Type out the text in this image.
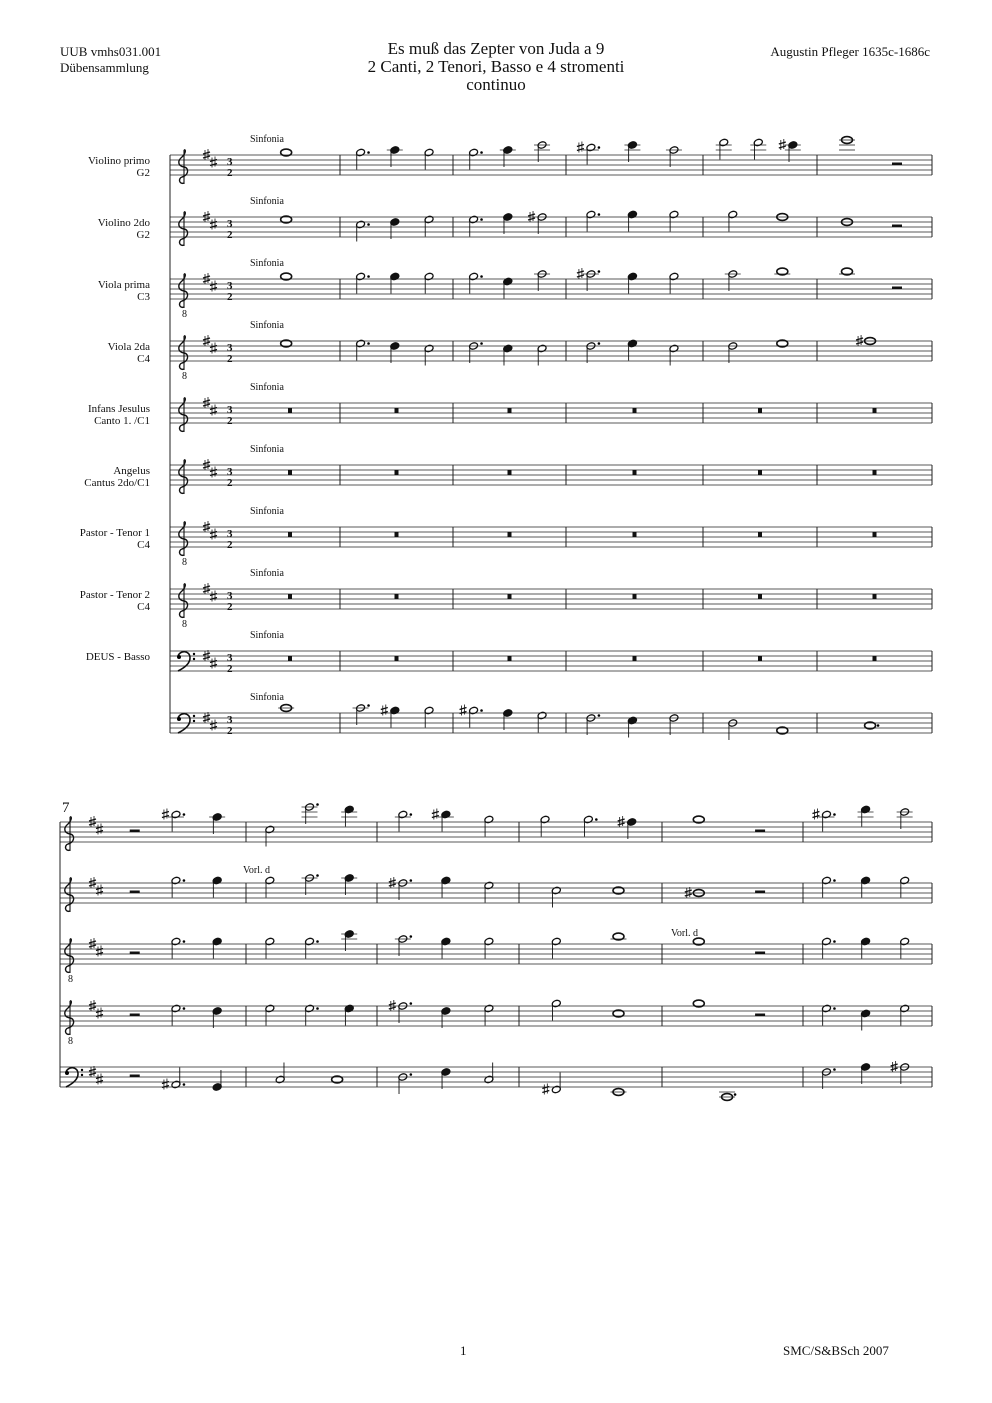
UUB vmhs031.001
Dübensammlung
Es muß das Zepter von Juda a 9
2 Canti, 2 Tenori, Basso e 4 stromenti
continuo
Augustin Pfleger 1635c-1686c
Sinfonia
Violino primo
G2
3
2
Violino 2do
G2
Sinfonia
3
2
Viola prima
C3
Sinfonia
8
3
2
Viola 2da
C4
Sinfonia
8
3
2
Infans Jesulus
Canto 1. /C1
Sinfonia
3
2
Angelus
Cantus 2do/C1
Sinfonia
3
2
Pastor - Tenor 1
C4
Sinfonia
8
3
2
Pastor - Tenor 2
C4
Sinfonia
8
3
2
DEUS - Basso
Sinfonia
3
2
Sinfonia
3
2
7
8
8
Vorl. d
Vorl. d
1	SMC/S&BSch 2007
